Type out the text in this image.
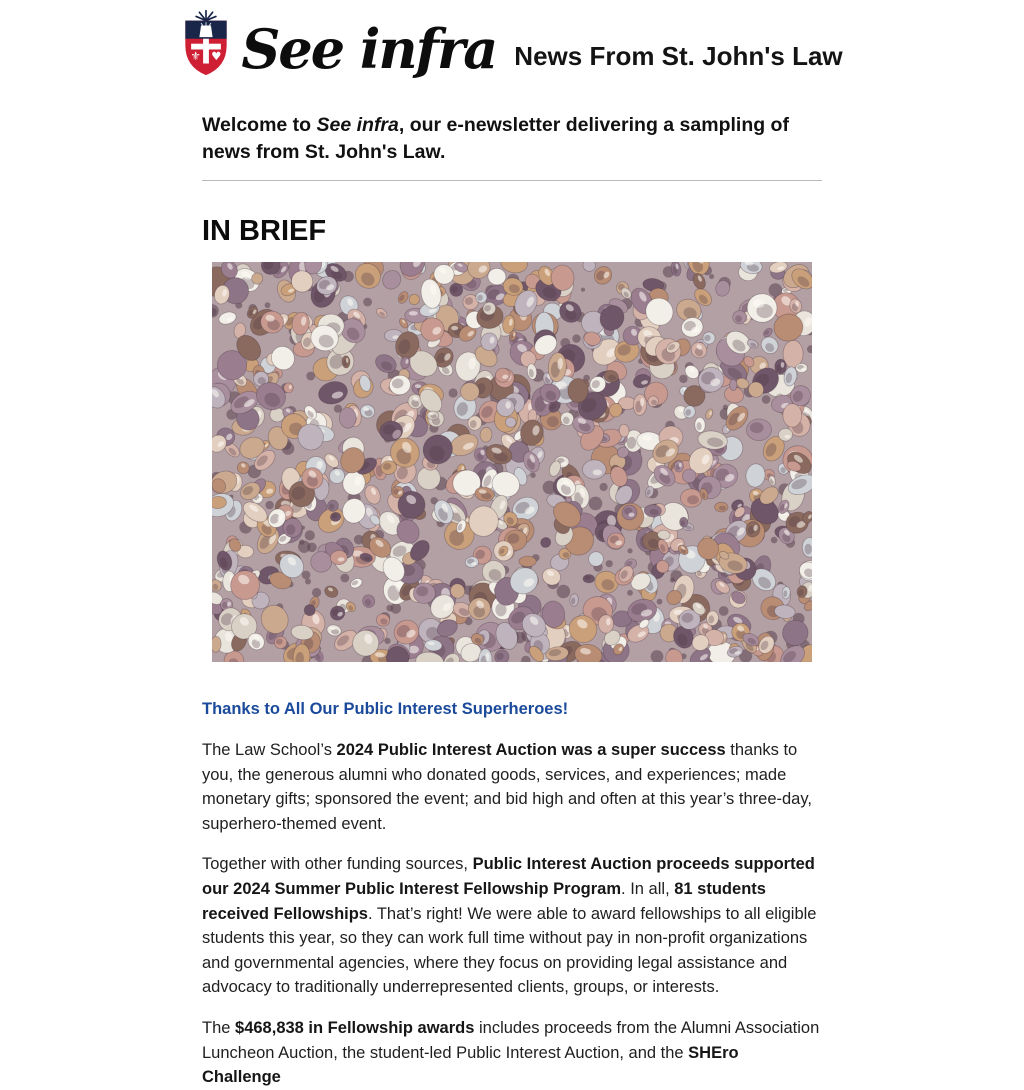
⚜ ♥ See infra News From St. John's Law
Welcome to See infra, our e-newsletter delivering a sampling of news from St. John's Law.
IN BRIEF
Thanks to All Our Public Interest Superheroes!

The Law School’s 2024 Public Interest Auction was a super success thanks to you, the generous alumni who donated goods, services, and experiences; made monetary gifts; sponsored the event; and bid high and often at this year’s three-day, superhero-themed event.

Together with other funding sources, Public Interest Auction proceeds supported our 2024 Summer Public Interest Fellowship Program. In all, 81 students received Fellowships. That’s right! We were able to award fellowships to all eligible students this year, so they can work full time without pay in non-profit organizations and governmental agencies, where they focus on providing legal assistance and advocacy to traditionally underrepresented clients, groups, or interests.

The $468,838 in Fellowship awards includes proceeds from the Alumni Association Luncheon Auction, the student-led Public Interest Auction, and the SHEro Challenge
